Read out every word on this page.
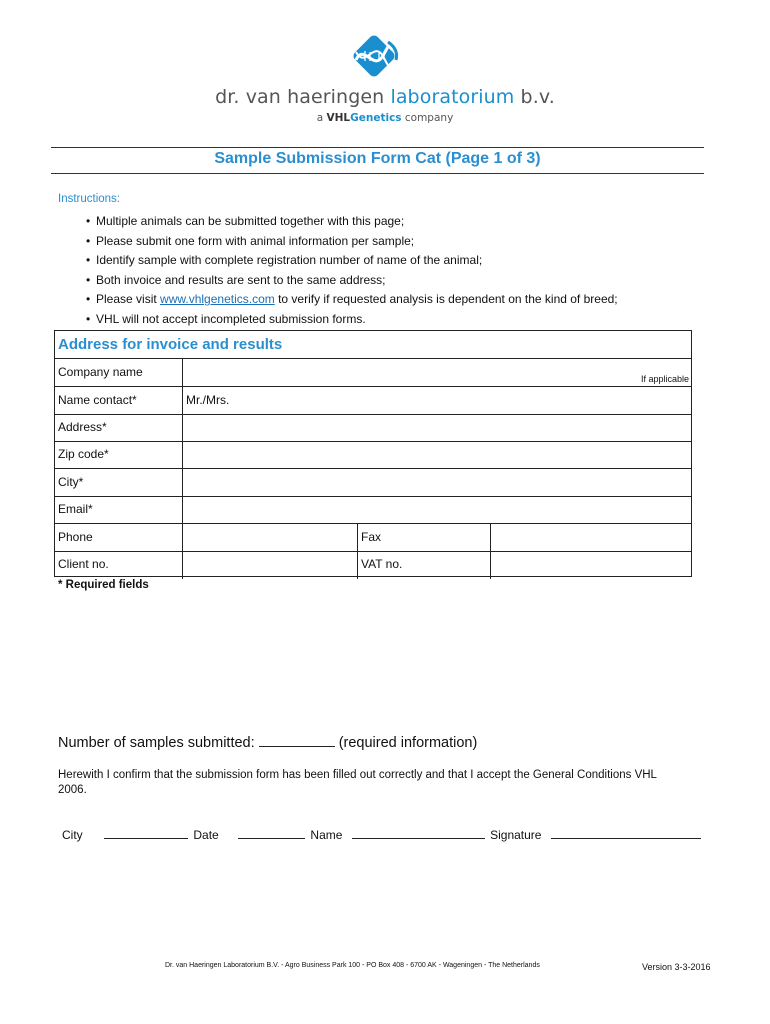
dr. van haeringen laboratorium b.v.
a VHLGenetics company
Sample Submission Form Cat (Page 1 of 3)
Instructions:
• Multiple animals can be submitted together with this page;
• Please submit one form with animal information per sample;
• Identify sample with complete registration number of name of the animal;
• Both invoice and results are sent to the same address;
• Please visit www.vhlgenetics.com to verify if requested analysis is dependent on the kind of breed;
• VHL will not accept incompleted submission forms.
Address for invoice and results
Company name	If applicable
Name contact*	Mr./Mrs.
Address*
Zip code*
City*
Email*
Phone	Fax
Client no.	VAT no.
* Required fields
Number of samples submitted:	(required information)
Herewith I confirm that the submission form has been filled out correctly and that I accept the General Conditions VHL 2006.
City	Date	Name	Signature
Dr. van Haeringen Laboratorium B.V. - Agro Business Park 100 - PO Box 408 - 6700 AK - Wageningen - The Netherlands	Version 3-3-2016
